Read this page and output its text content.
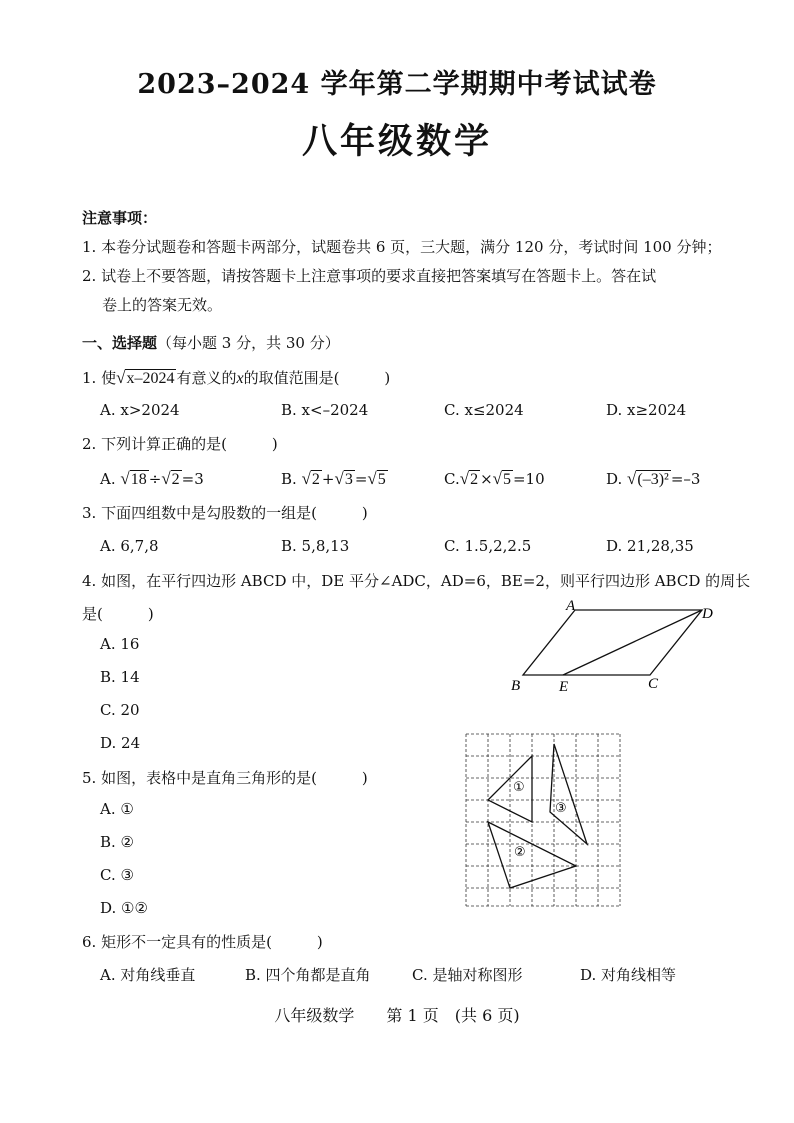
2023–2024 学年第二学期期中考试试卷
八年级数学
注意事项：
1. 本卷分试题卷和答题卡两部分，试题卷共 6 页，三大题，满分 120 分，考试时间 100 分钟；
2. 试卷上不要答题，请按答题卡上注意事项的要求直接把答案填写在答题卡上。答在试
卷上的答案无效。
一、选择题（每小题 3 分，共 30 分）
1. 使√x–2024 有意义的x的取值范围是(　　　)
A. x>2024	B. x<–2024	C. x≤2024	D. x≥2024
2. 下列计算正确的是(　　　)
A. √18 ÷√2 =3	B. √2 +√3 =√5	C.√2 ×√5 =10	D. √(–3)² =–3
3. 下面四组数中是勾股数的一组是(　　　)
A. 6,7,8	B. 5,8,13	C. 1.5,2,2.5	D. 21,28,35
4. 如图，在平行四边形 ABCD 中，DE 平分∠ADC，AD=6，BE=2，则平行四边形 ABCD 的周长
是(　　　)
A. 16
B. 14
C. 20
D. 24
A	D
B	E	C
5. 如图，表格中是直角三角形的是(　　　)
A. ①
B. ②
C. ③
D. ①②
①
②
③
6. 矩形不一定具有的性质是(　　　)
A. 对角线垂直	B. 四个角都是直角	C. 是轴对称图形	D. 对角线相等
八年级数学　　第 1 页　(共 6 页)
